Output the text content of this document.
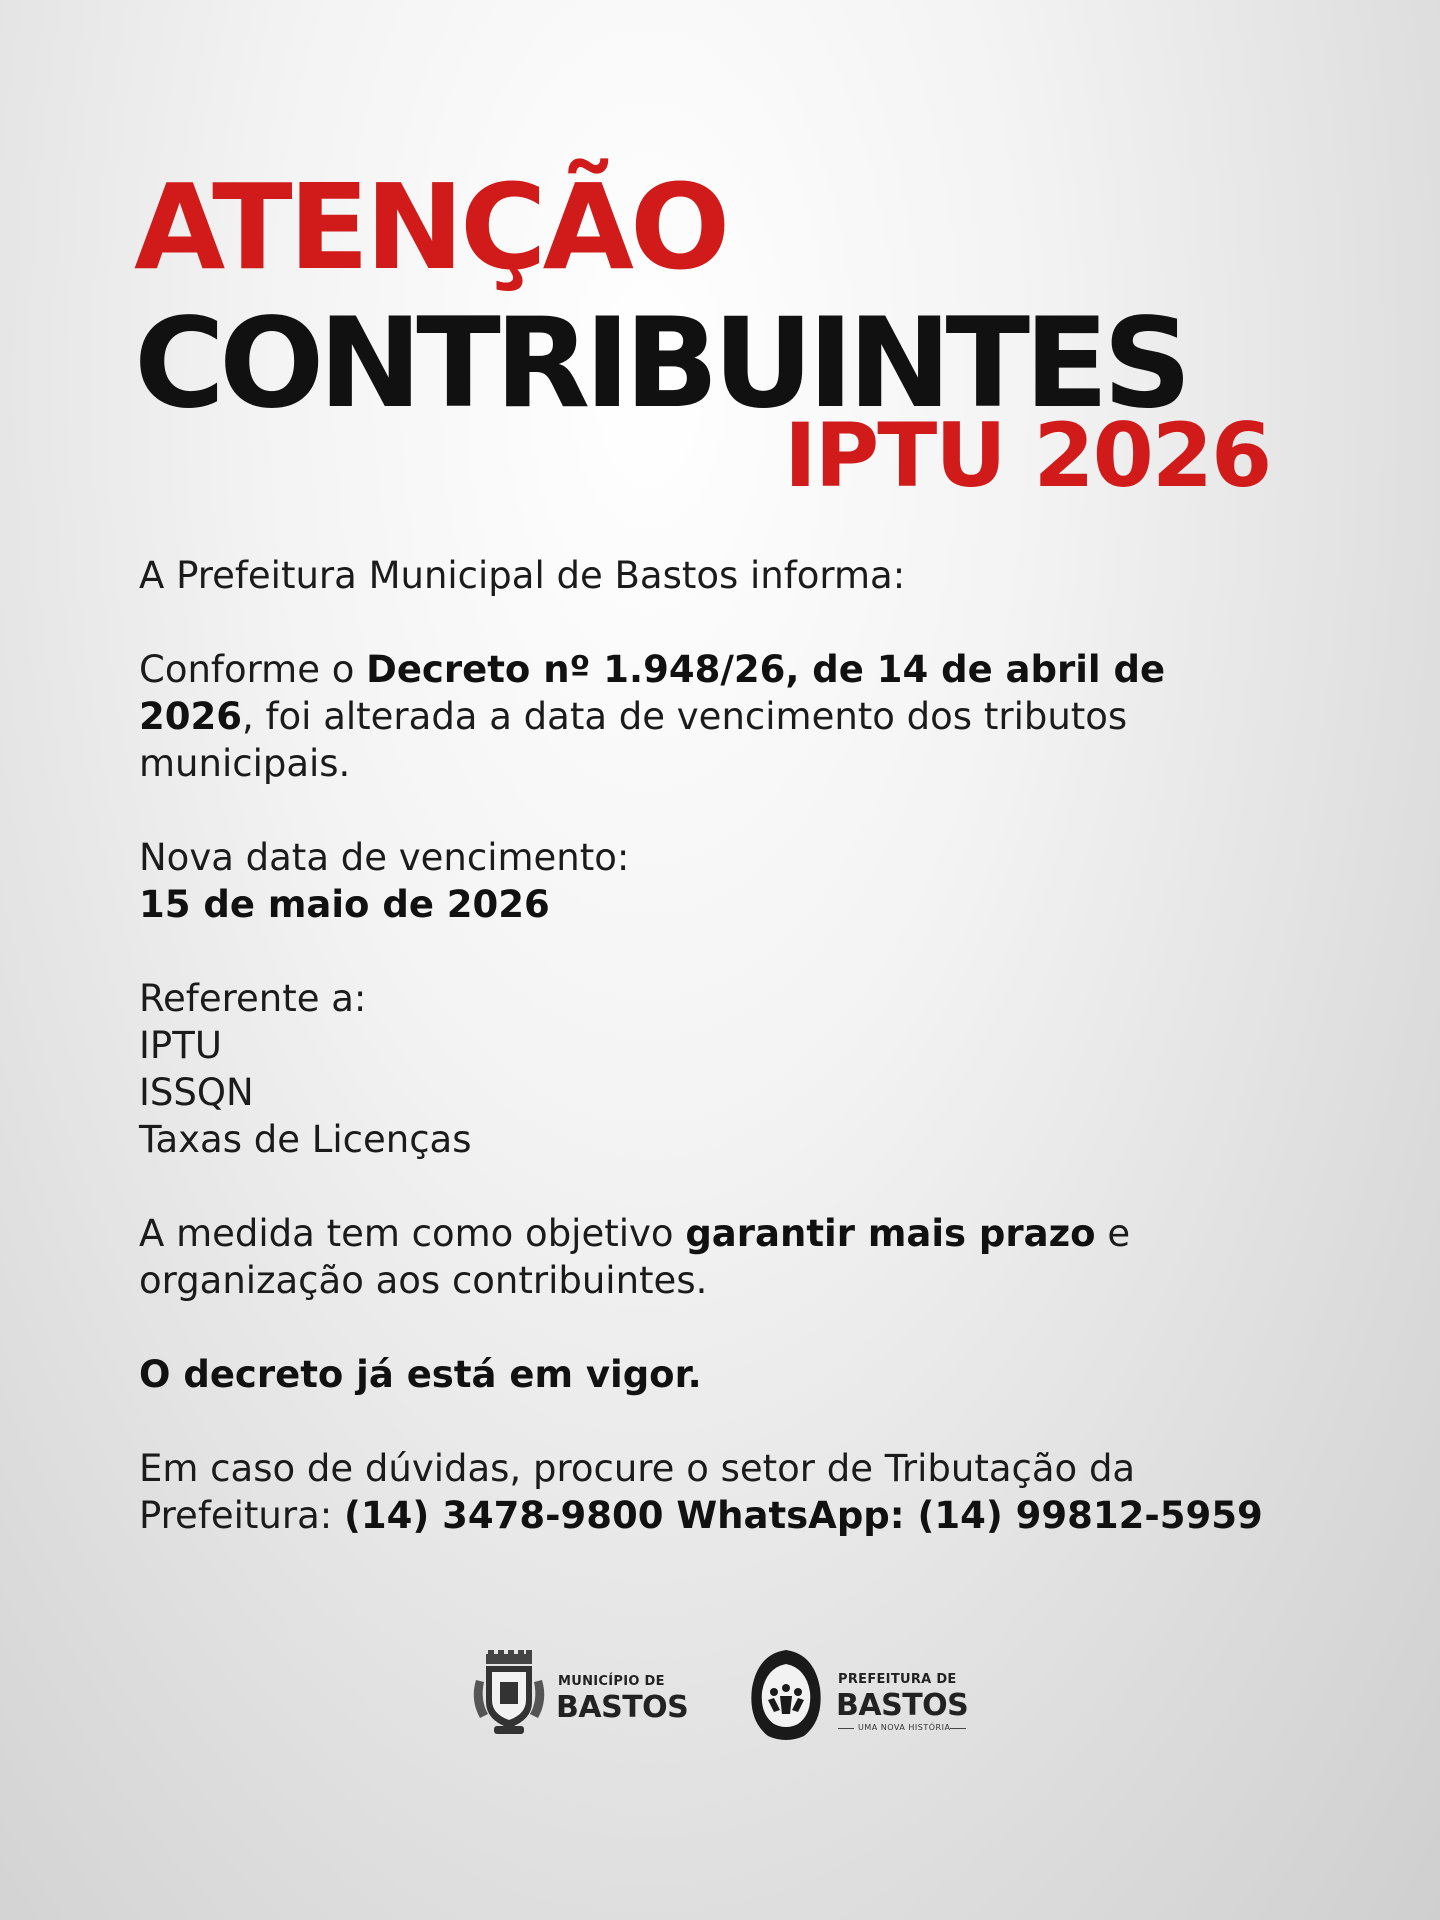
ATENÇÃO
CONTRIBUINTES
IPTU 2026

A Prefeitura Municipal de Bastos informa:

Conforme o Decreto nº 1.948/26, de 14 de abril de

2026, foi alterada a data de vencimento dos tributos

municipais.

Nova data de vencimento:

15 de maio de 2026

Referente a:

IPTU

ISSQN

Taxas de Licenças

A medida tem como objetivo garantir mais prazo e

organização aos contribuintes.

O decreto já está em vigor.

Em caso de dúvidas, procure o setor de Tributação da

Prefeitura: (14) 3478-9800 WhatsApp: (14) 99812-5959

MUNICÍPIO DE
BASTOS
PREFEITURA DE
BASTOS
UMA NOVA HISTÓRIA
